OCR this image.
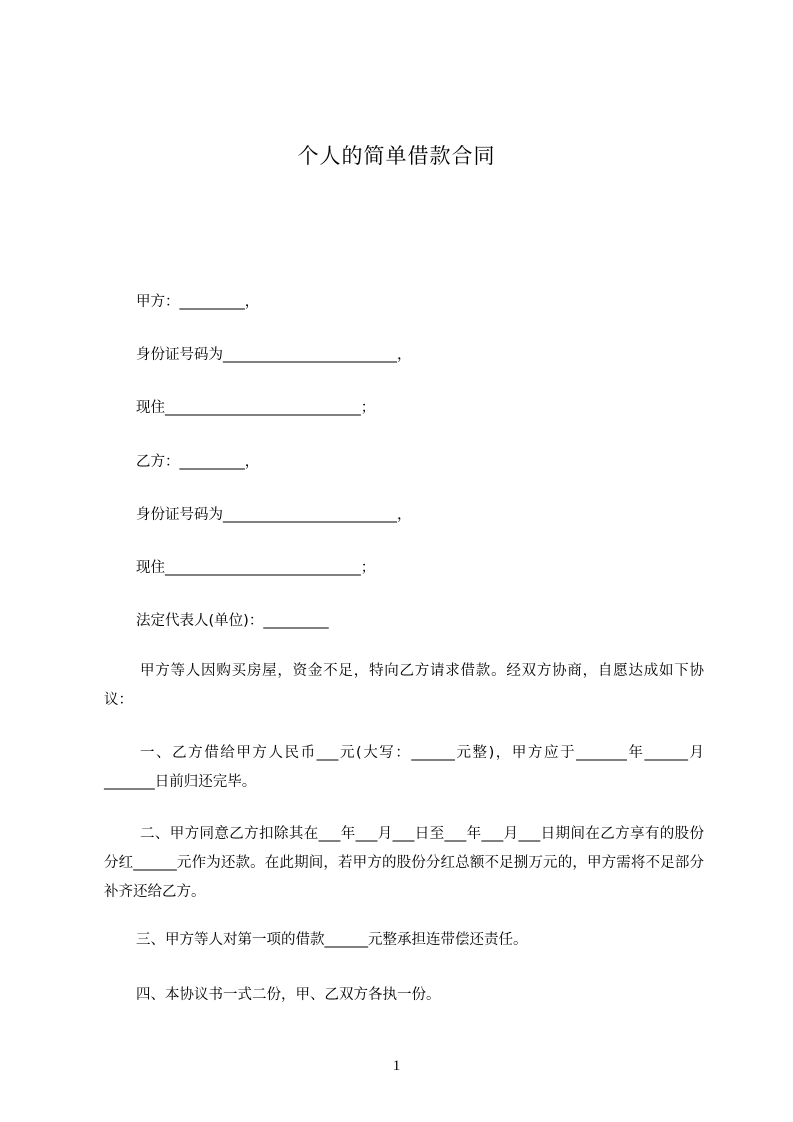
个人的简单借款合同
甲方：_________，
身份证号码为________________________，
现住___________________________；
乙方：_________，
身份证号码为________________________，
现住___________________________；
法定代表人(单位)：_________
甲方等人因购买房屋，资金不足，特向乙方请求借款。经双方协商，自愿达成如下协议：
一、乙方借给甲方人民币___元(大写：______元整)，甲方应于_______年______月_______日前归还完毕。
二、甲方同意乙方扣除其在___年___月___日至___年___月___日期间在乙方享有的股份分红______元作为还款。在此期间，若甲方的股份分红总额不足捌万元的，甲方需将不足部分补齐还给乙方。
三、甲方等人对第一项的借款______元整承担连带偿还责任。
四、本协议书一式二份，甲、乙双方各执一份。
1
